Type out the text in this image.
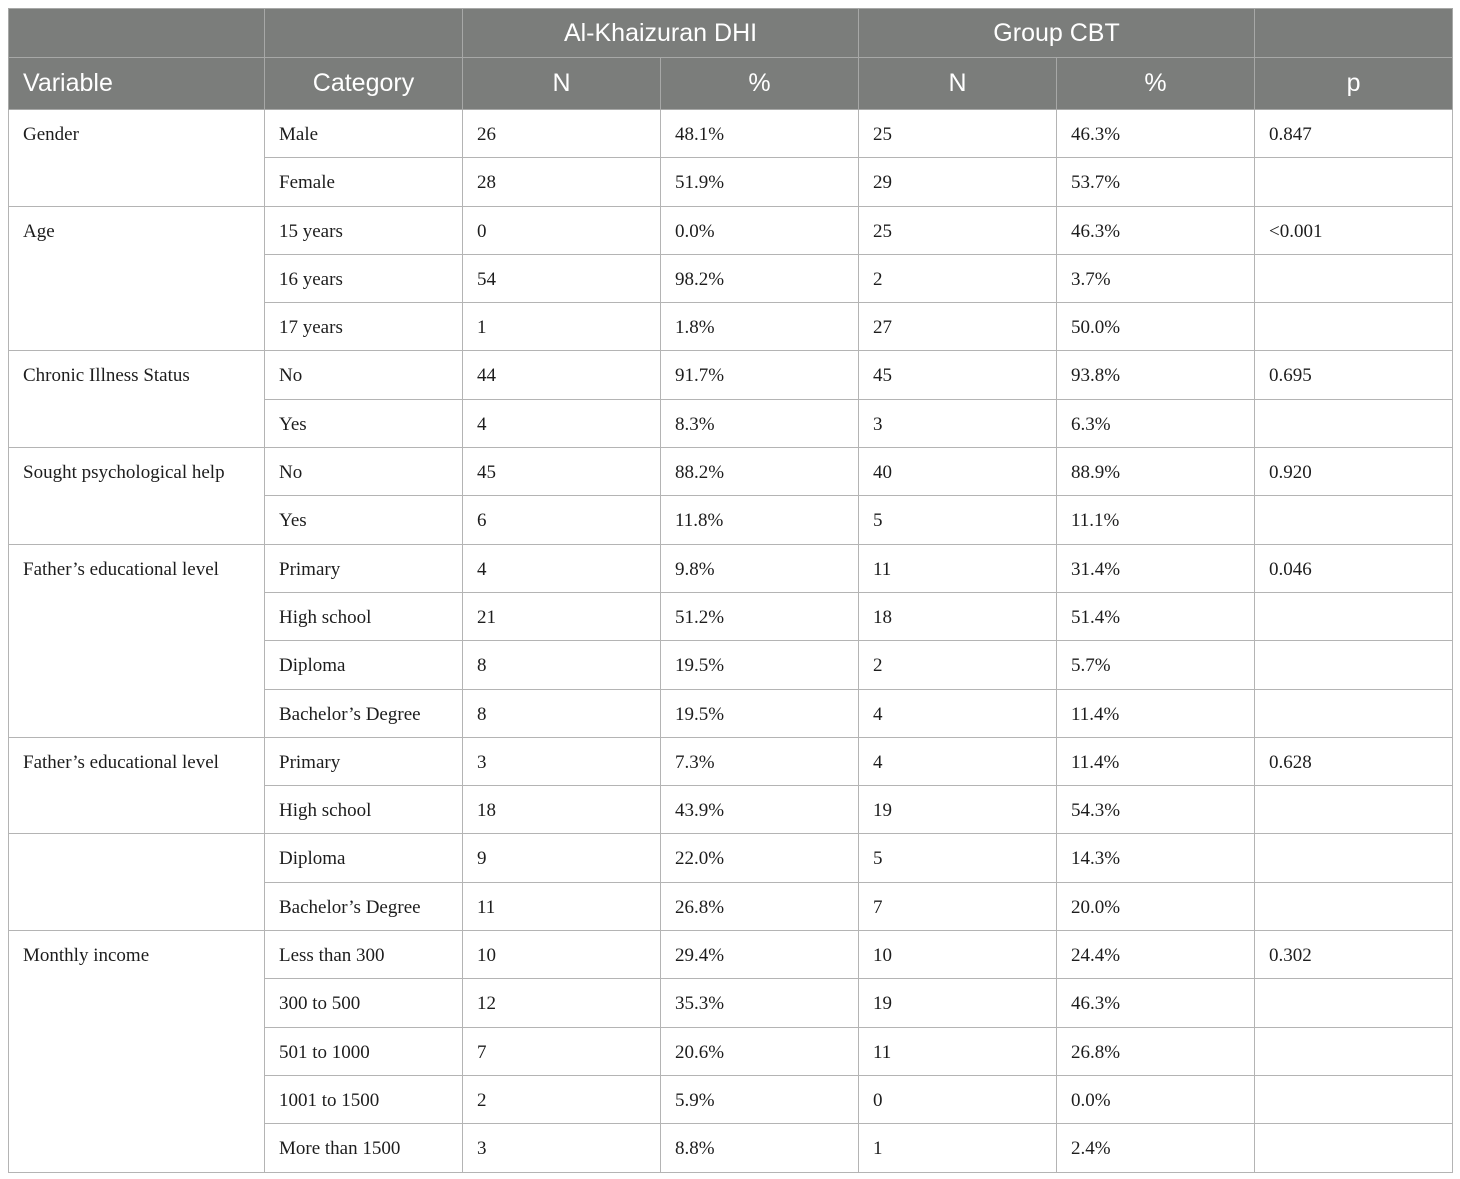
		Al-Khaizuran DHI		Group CBT		
Variable	Category	N	%	N	%	p
Gender	Male	26	48.1%	25	46.3%	0.847
	Female	28	51.9%	29	53.7%	
Age	15 years	0	0.0%	25	46.3%	<0.001
	16 years	54	98.2%	2	3.7%	
	17 years	1	1.8%	27	50.0%	
Chronic Illness Status	No	44	91.7%	45	93.8%	0.695
	Yes	4	8.3%	3	6.3%	
Sought psychological help	No	45	88.2%	40	88.9%	0.920
	Yes	6	11.8%	5	11.1%	
Father’s educational level	Primary	4	9.8%	11	31.4%	0.046
	High school	21	51.2%	18	51.4%	
	Diploma	8	19.5%	2	5.7%	
	Bachelor’s Degree	8	19.5%	4	11.4%	
Father’s educational level	Primary	3	7.3%	4	11.4%	0.628
	High school	18	43.9%	19	54.3%	
	Diploma	9	22.0%	5	14.3%	
	Bachelor’s Degree	11	26.8%	7	20.0%	
Monthly income	Less than 300	10	29.4%	10	24.4%	0.302
	300 to 500	12	35.3%	19	46.3%	
	501 to 1000	7	20.6%	11	26.8%	
	1001 to 1500	2	5.9%	0	0.0%	
	More than 1500	3	8.8%	1	2.4%	
